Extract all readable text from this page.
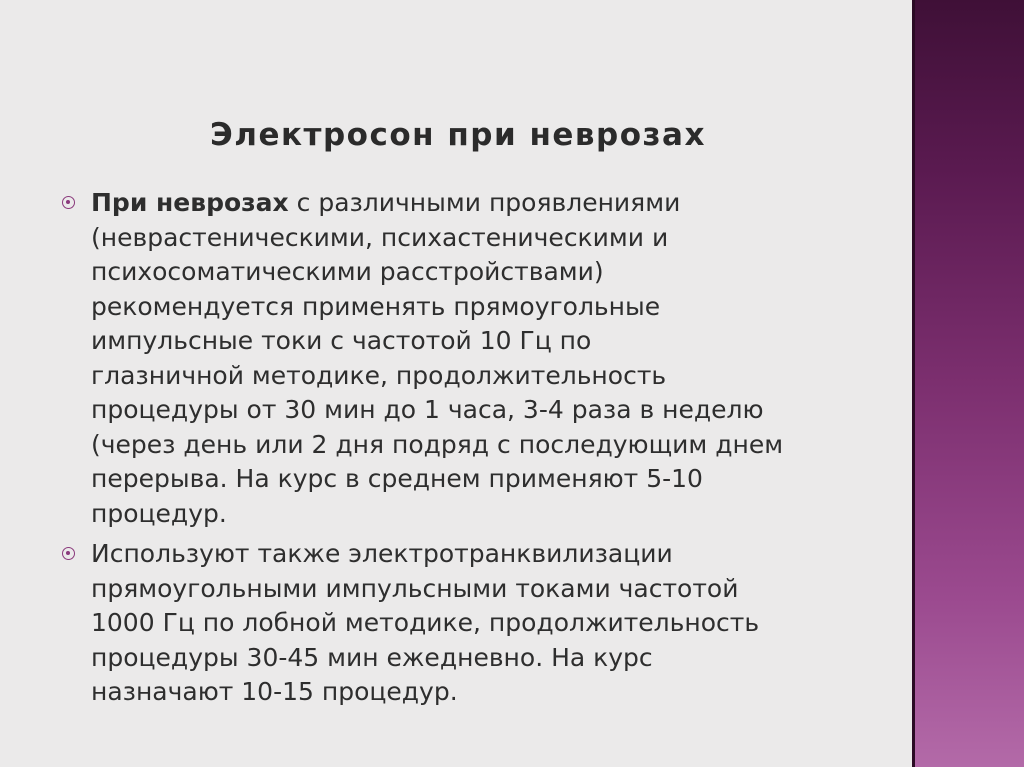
Электросон при неврозах
При неврозах с различными проявлениями
(неврастеническими, психастеническими и
психосоматическими расстройствами)
рекомендуется применять прямоугольные
импульсные токи с частотой 10 Гц по
глазничной методике, продолжительность
процедуры от 30 мин до 1 часа, 3-4 раза в неделю
(через день или 2 дня подряд с последующим днем
перерыва. На курс в среднем применяют 5-10
процедур.
Используют также электротранквилизации
прямоугольными импульсными токами частотой
1000 Гц по лобной методике, продолжительность
процедуры 30-45 мин ежедневно. На курс
назначают 10-15 процедур.
